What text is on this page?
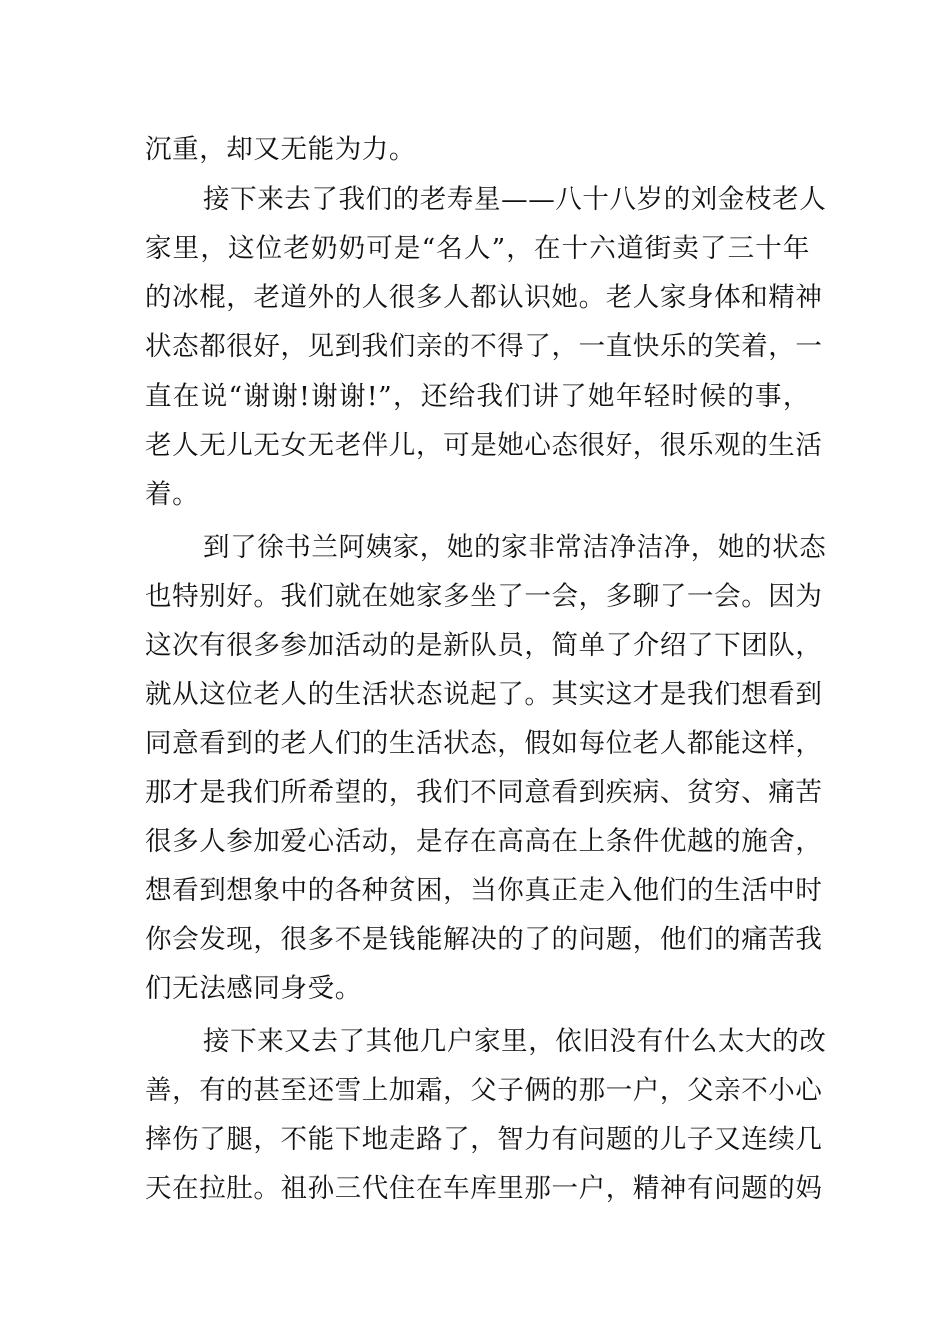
沉重，却又无能为力。
接下来去了我们的老寿星——八十八岁的刘金枝老人
家里，这位老奶奶可是“名人”，在十六道街卖了三十年
的冰棍，老道外的人很多人都认识她。老人家身体和精神
状态都很好，见到我们亲的不得了，一直快乐的笑着，一
直在说“谢谢!谢谢!”，还给我们讲了她年轻时候的事，
老人无儿无女无老伴儿，可是她心态很好，很乐观的生活
着。
到了徐书兰阿姨家，她的家非常洁净洁净，她的状态
也特别好。我们就在她家多坐了一会，多聊了一会。因为
这次有很多参加活动的是新队员，简单了介绍了下团队，
就从这位老人的生活状态说起了。其实这才是我们想看到
同意看到的老人们的生活状态，假如每位老人都能这样，
那才是我们所希望的，我们不同意看到疾病、贫穷、痛苦
很多人参加爱心活动，是存在高高在上条件优越的施舍，
想看到想象中的各种贫困，当你真正走入他们的生活中时
你会发现，很多不是钱能解决的了的问题，他们的痛苦我
们无法感同身受。
接下来又去了其他几户家里，依旧没有什么太大的改
善，有的甚至还雪上加霜，父子俩的那一户，父亲不小心
摔伤了腿，不能下地走路了，智力有问题的儿子又连续几
天在拉肚。祖孙三代住在车库里那一户，精神有问题的妈
